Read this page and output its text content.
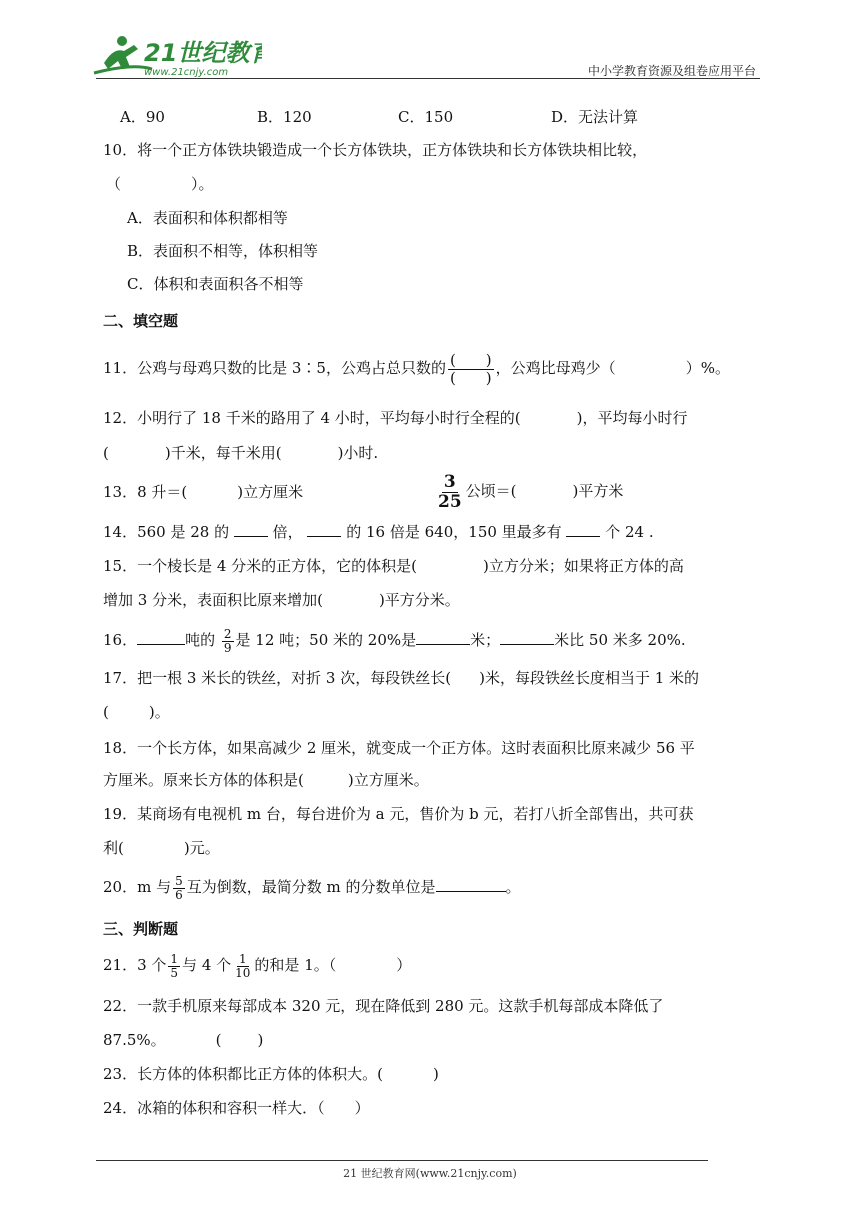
21世纪教育
www.21cnjy.com	中小学教育资源及组卷应用平台
A．90	B．120	C．150	D．无法计算
10．将一个正方体铁块锻造成一个长方体铁块，正方体铁块和长方体铁块相比较，
（	）。
A．表面积和体积都相等
B．表面积不相等，体积相等
C．体积和表面积各不相等
二、填空题
11．公鸡与母鸡只数的比是 3∶5，公鸡占总只数的 $\frac{( )}{( )}$ ，公鸡比母鸡少（	）%。
12．小明行了 18 千米的路用了 4 小时，平均每小时行全程的(	)，平均每小时行
(	)千米，每千米用(	)小时.
13．8 升＝(	)立方厘米	$\frac{3}{25}$ 公顷＝(	)平方米
14．560 是 28 的	倍，	的 16 倍是 640，150 里最多有	个 24 .
15．一个棱长是 4 分米的正方体，它的体积是(	)立方分米；如果将正方体的高
增加 3 分米，表面积比原来增加(	)平方分米。
16．	吨的 $\frac{2}{9}$ 是 12 吨；50 米的 20%是	米；	米比 50 米多 20%.
17．把一根 3 米长的铁丝，对折 3 次，每段铁丝长( )米，每段铁丝长度相当于 1 米的
(	)。
18．一个长方体，如果高减少 2 厘米，就变成一个正方体。这时表面积比原来减少 56 平
方厘米。原来长方体的体积是(	)立方厘米。
19．某商场有电视机 m 台，每台进价为 a 元，售价为 b 元，若打八折全部售出，共可获
利(	)元。
20．m 与 $\frac{5}{6}$ 互为倒数，最简分数 m 的分数单位是	。
三、判断题
21．3 个 $\frac{1}{5}$ 与 4 个 $\frac{1}{10}$ 的和是 1。（	）
22．一款手机原来每部成本 320 元，现在降低到 280 元。这款手机每部成本降低了
87.5%。	( )
23．长方体的体积都比正方体的体积大。(	)
24．冰箱的体积和容积一样大．（ ）
21 世纪教育网(www.21cnjy.com)
